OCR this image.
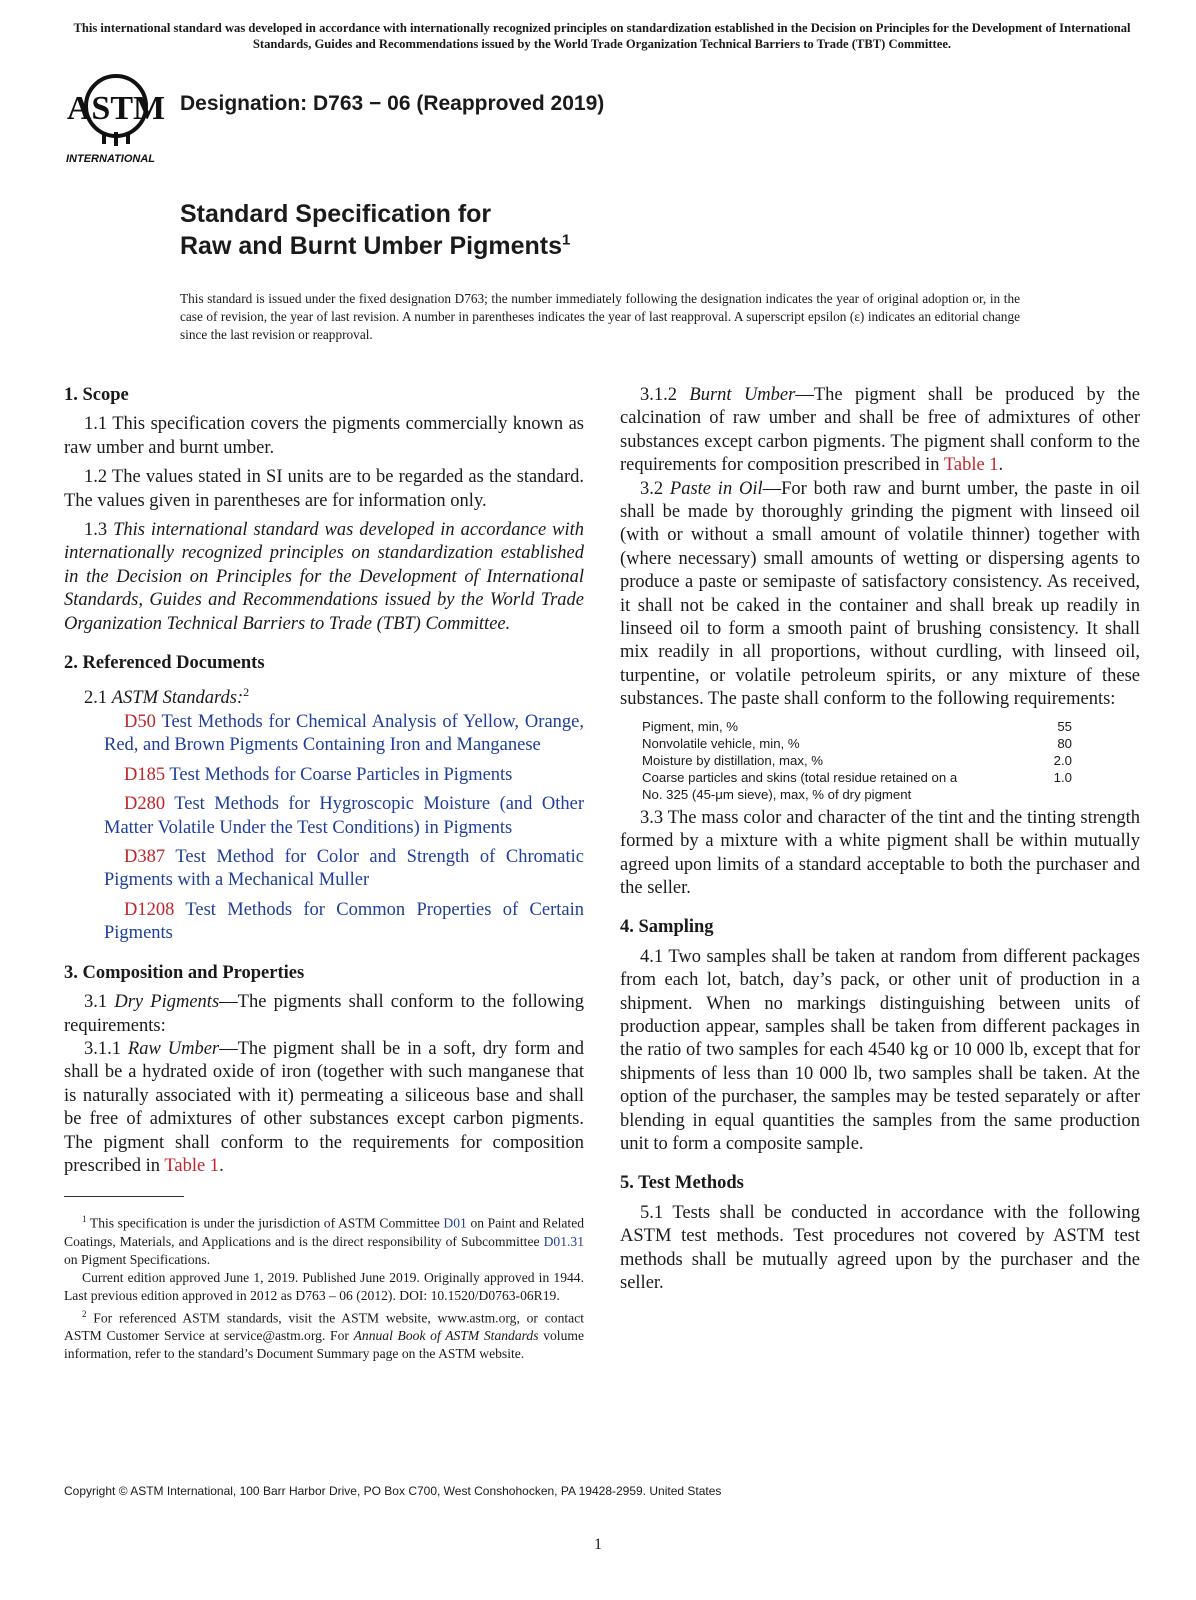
This international standard was developed in accordance with internationally recognized principles on standardization established in the Decision on Principles for the Development of International Standards, Guides and Recommendations issued by the World Trade Organization Technical Barriers to Trade (TBT) Committee.
ASTM
INTERNATIONAL
Designation: D763 − 06 (Reapproved 2019)
Standard Specification for
Raw and Burnt Umber Pigments$^1$
This standard is issued under the fixed designation D763; the number immediately following the designation indicates the year of original adoption or, in the case of revision, the year of last revision. A number in parentheses indicates the year of last reapproval. A superscript epsilon (ε) indicates an editorial change since the last revision or reapproval.
1. Scope

1.1 This specification covers the pigments commercially known as raw umber and burnt umber.

1.2 The values stated in SI units are to be regarded as the standard. The values given in parentheses are for information only.

1.3 This international standard was developed in accordance with internationally recognized principles on standardization established in the Decision on Principles for the Development of International Standards, Guides and Recommendations issued by the World Trade Organization Technical Barriers to Trade (TBT) Committee.

2. Referenced Documents

2.1 ASTM Standards:$^2$

D50 Test Methods for Chemical Analysis of Yellow, Orange, Red, and Brown Pigments Containing Iron and Manganese

D185 Test Methods for Coarse Particles in Pigments

D280 Test Methods for Hygroscopic Moisture (and Other Matter Volatile Under the Test Conditions) in Pigments

D387 Test Method for Color and Strength of Chromatic Pigments with a Mechanical Muller

D1208 Test Methods for Common Properties of Certain Pigments

3. Composition and Properties

3.1 Dry Pigments—The pigments shall conform to the following requirements:

3.1.1 Raw Umber—The pigment shall be in a soft, dry form and shall be a hydrated oxide of iron (together with such manganese that is naturally associated with it) permeating a siliceous base and shall be free of admixtures of other substances except carbon pigments. The pigment shall conform to the requirements for composition prescribed in Table 1.

3.1.2 Burnt Umber—The pigment shall be produced by the calcination of raw umber and shall be free of admixtures of other substances except carbon pigments. The pigment shall conform to the requirements for composition prescribed in Table 1.

3.2 Paste in Oil—For both raw and burnt umber, the paste in oil shall be made by thoroughly grinding the pigment with linseed oil (with or without a small amount of volatile thinner) together with (where necessary) small amounts of wetting or dispersing agents to produce a paste or semipaste of satisfactory consistency. As received, it shall not be caked in the container and shall break up readily in linseed oil to form a smooth paint of brushing consistency. It shall mix readily in all proportions, without curdling, with linseed oil, turpentine, or volatile petroleum spirits, or any mixture of these substances. The paste shall conform to the following requirements:

Pigment, min, %	55
Nonvolatile vehicle, min, %	80
Moisture by distillation, max, %	2.0
Coarse particles and skins (total residue retained on a	1.0
No. 325 (45-μm sieve), max, % of dry pigment	

3.3 The mass color and character of the tint and the tinting strength formed by a mixture with a white pigment shall be within mutually agreed upon limits of a standard acceptable to both the purchaser and the seller.

4. Sampling

4.1 Two samples shall be taken at random from different packages from each lot, batch, day’s pack, or other unit of production in a shipment. When no markings distinguishing between units of production appear, samples shall be taken from different packages in the ratio of two samples for each 4540 kg or 10 000 lb, except that for shipments of less than 10 000 lb, two samples shall be taken. At the option of the purchaser, the samples may be tested separately or after blending in equal quantities the samples from the same production unit to form a composite sample.

5. Test Methods

5.1 Tests shall be conducted in accordance with the following ASTM test methods. Test procedures not covered by ASTM test methods shall be mutually agreed upon by the purchaser and the seller.

$^1$ This specification is under the jurisdiction of ASTM Committee D01 on Paint and Related Coatings, Materials, and Applications and is the direct responsibility of Subcommittee D01.31 on Pigment Specifications.

Current edition approved June 1, 2019. Published June 2019. Originally approved in 1944. Last previous edition approved in 2012 as D763 – 06 (2012). DOI: 10.1520/D0763-06R19.

$^2$ For referenced ASTM standards, visit the ASTM website, www.astm.org, or contact ASTM Customer Service at service@astm.org. For Annual Book of ASTM Standards volume information, refer to the standard’s Document Summary page on the ASTM website.

Copyright © ASTM International, 100 Barr Harbor Drive, PO Box C700, West Conshohocken, PA 19428-2959. United States
1
